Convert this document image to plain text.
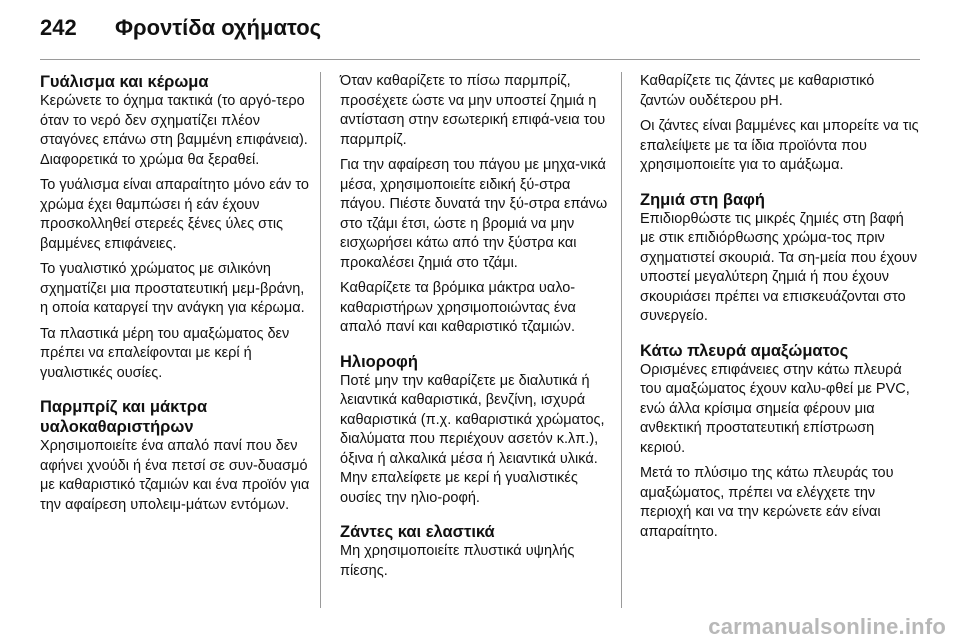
242 Φροντίδα οχήματος
Γυάλισμα και κέρωμα

Κερώνετε το όχημα τακτικά (το αργό-τερο όταν το νερό δεν σχηματίζει πλέον σταγόνες επάνω στη βαμμένη επιφάνεια). Διαφορετικά το χρώμα θα ξεραθεί.

Το γυάλισμα είναι απαραίτητο μόνο εάν το χρώμα έχει θαμπώσει ή εάν έχουν προσκολληθεί στερεές ξένες ύλες στις βαμμένες επιφάνειες.

Το γυαλιστικό χρώματος με σιλικόνη σχηματίζει μια προστατευτική μεμ-βράνη, η οποία καταργεί την ανάγκη για κέρωμα.

Τα πλαστικά μέρη του αμαξώματος δεν πρέπει να επαλείφονται με κερί ή γυαλιστικές ουσίες.

Παρμπρίζ και μάκτρα υαλοκαθαριστήρων

Χρησιμοποιείτε ένα απαλό πανί που δεν αφήνει χνούδι ή ένα πετσί σε συν-δυασμό με καθαριστικό τζαμιών και ένα προϊόν για την αφαίρεση υπολειμ-μάτων εντόμων.

Όταν καθαρίζετε το πίσω παρμπρίζ, προσέχετε ώστε να μην υποστεί ζημιά η αντίσταση στην εσωτερική επιφά-νεια του παρμπρίζ.

Για την αφαίρεση του πάγου με μηχα-νικά μέσα, χρησιμοποιείτε ειδική ξύ-στρα πάγου. Πιέστε δυνατά την ξύ-στρα επάνω στο τζάμι έτσι, ώστε η βρομιά να μην εισχωρήσει κάτω από την ξύστρα και προκαλέσει ζημιά στο τζάμι.

Καθαρίζετε τα βρόμικα μάκτρα υαλο-καθαριστήρων χρησιμοποιώντας ένα απαλό πανί και καθαριστικό τζαμιών.

Ηλιοροφή

Ποτέ μην την καθαρίζετε με διαλυτικά ή λειαντικά καθαριστικά, βενζίνη, ισχυρά καθαριστικά (π.χ. καθαριστικά χρώματος, διαλύματα που περιέχουν ασετόν κ.λπ.), όξινα ή αλκαλικά μέσα ή λειαντικά υλικά. Μην επαλείφετε με κερί ή γυαλιστικές ουσίες την ηλιο-ροφή.

Ζάντες και ελαστικά

Μη χρησιμοποιείτε πλυστικά υψηλής πίεσης.

Καθαρίζετε τις ζάντες με καθαριστικό ζαντών ουδέτερου pH.

Οι ζάντες είναι βαμμένες και μπορείτε να τις επαλείψετε με τα ίδια προϊόντα που χρησιμοποιείτε για το αμάξωμα.

Ζημιά στη βαφή

Επιδιορθώστε τις μικρές ζημιές στη βαφή με στικ επιδιόρθωσης χρώμα-τος πριν σχηματιστεί σκουριά. Τα ση-μεία που έχουν υποστεί μεγαλύτερη ζημιά ή που έχουν σκουριάσει πρέπει να επισκευάζονται στο συνεργείο.

Κάτω πλευρά αμαξώματος

Ορισμένες επιφάνειες στην κάτω πλευρά του αμαξώματος έχουν καλυ-φθεί με PVC, ενώ άλλα κρίσιμα σημεία φέρουν μια ανθεκτική προστατευτική επίστρωση κεριού.

Μετά το πλύσιμο της κάτω πλευράς του αμαξώματος, πρέπει να ελέγχετε την περιοχή και να την κερώνετε εάν είναι απαραίτητο.

carmanualsonline.info
